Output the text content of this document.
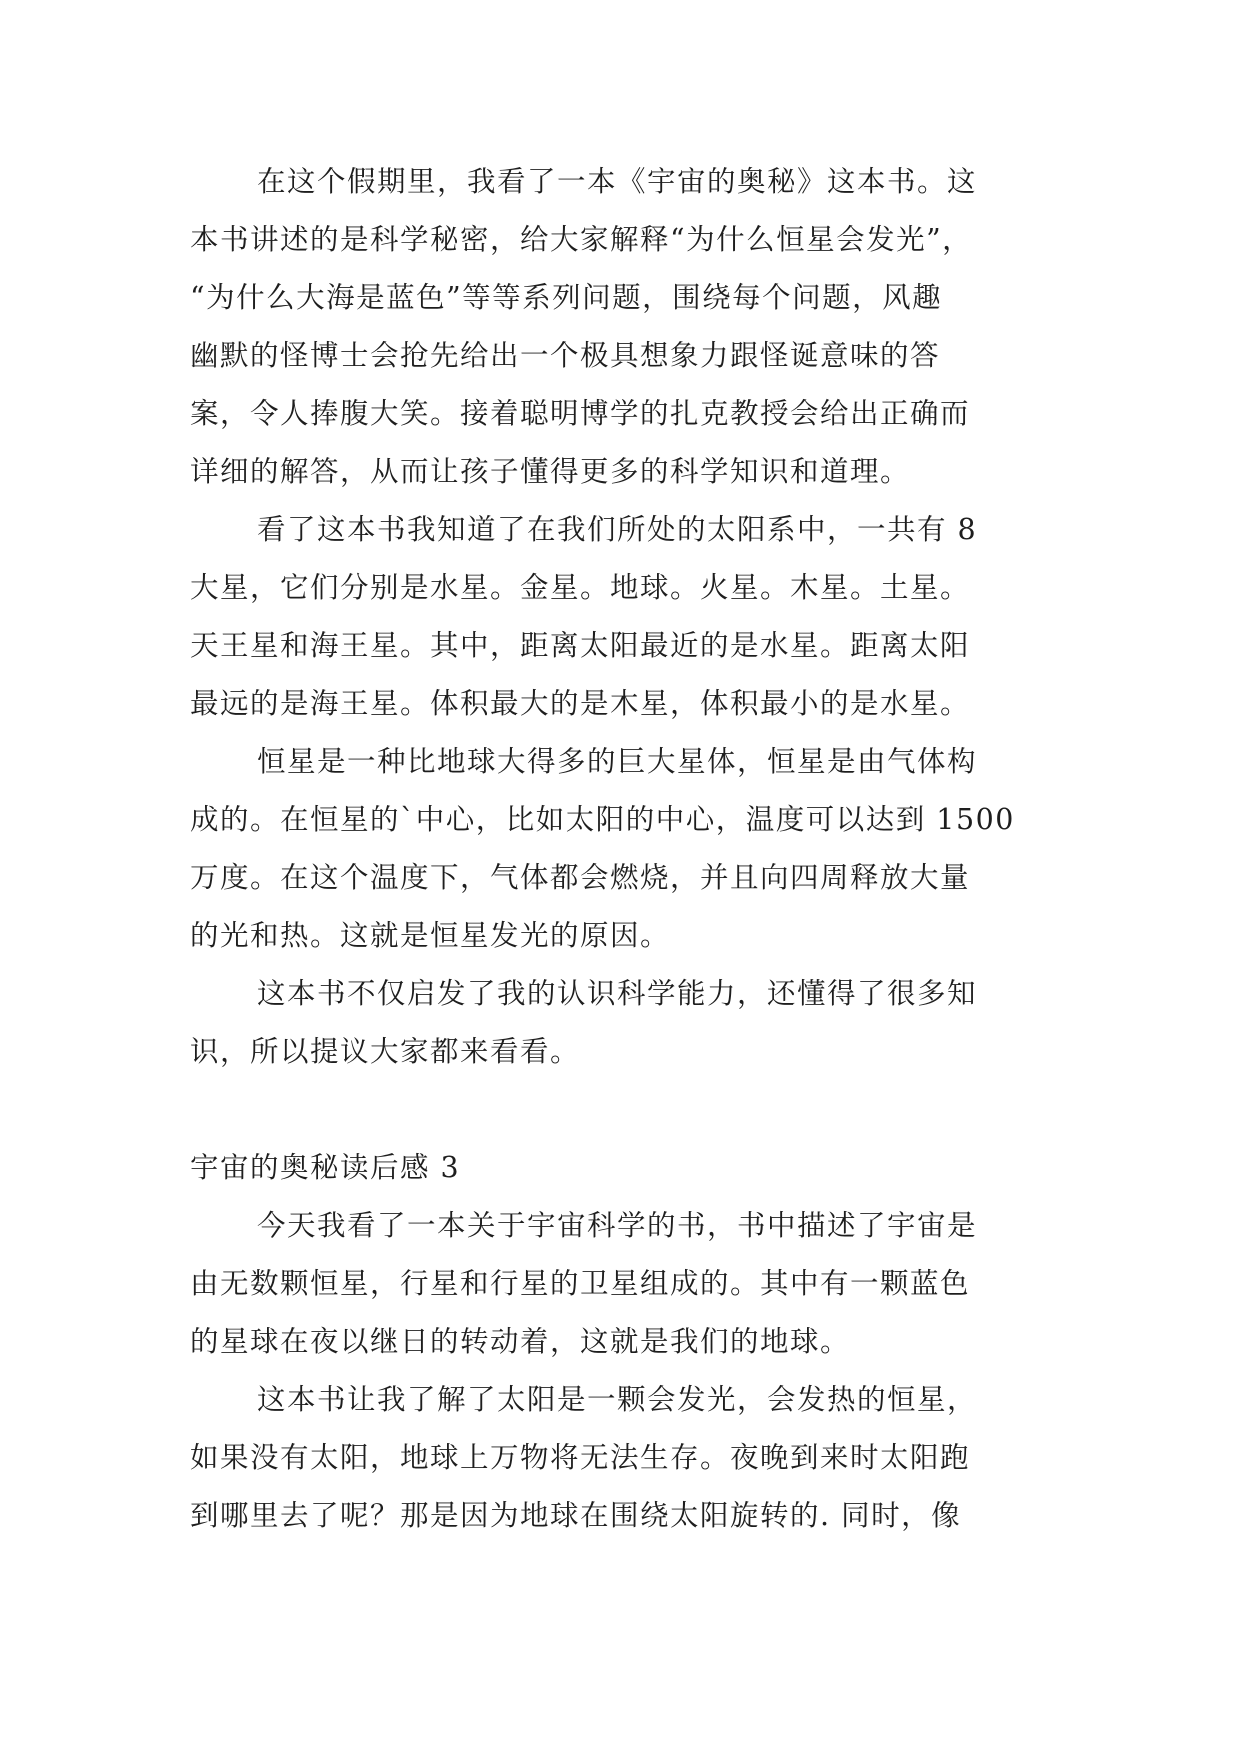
在这个假期里，我看了一本《宇宙的奥秘》这本书。这
本书讲述的是科学秘密，给大家解释“为什么恒星会发光”，
“为什么大海是蓝色”等等系列问题，围绕每个问题，风趣
幽默的怪博士会抢先给出一个极具想象力跟怪诞意味的答
案，令人捧腹大笑。接着聪明博学的扎克教授会给出正确而
详细的解答，从而让孩子懂得更多的科学知识和道理。

看了这本书我知道了在我们所处的太阳系中，一共有 8
大星，它们分别是水星。金星。地球。火星。木星。土星。
天王星和海王星。其中，距离太阳最近的是水星。距离太阳
最远的是海王星。体积最大的是木星，体积最小的是水星。

恒星是一种比地球大得多的巨大星体，恒星是由气体构
成的。在恒星的`中心，比如太阳的中心，温度可以达到 1500
万度。在这个温度下，气体都会燃烧，并且向四周释放大量
的光和热。这就是恒星发光的原因。

这本书不仅启发了我的认识科学能力，还懂得了很多知
识，所以提议大家都来看看。

宇宙的奥秘读后感 3

今天我看了一本关于宇宙科学的书，书中描述了宇宙是
由无数颗恒星，行星和行星的卫星组成的。其中有一颗蓝色
的星球在夜以继日的转动着，这就是我们的地球。

这本书让我了解了太阳是一颗会发光，会发热的恒星，
如果没有太阳，地球上万物将无法生存。夜晚到来时太阳跑
到哪里去了呢？那是因为地球在围绕太阳旋转的. 同时，像
